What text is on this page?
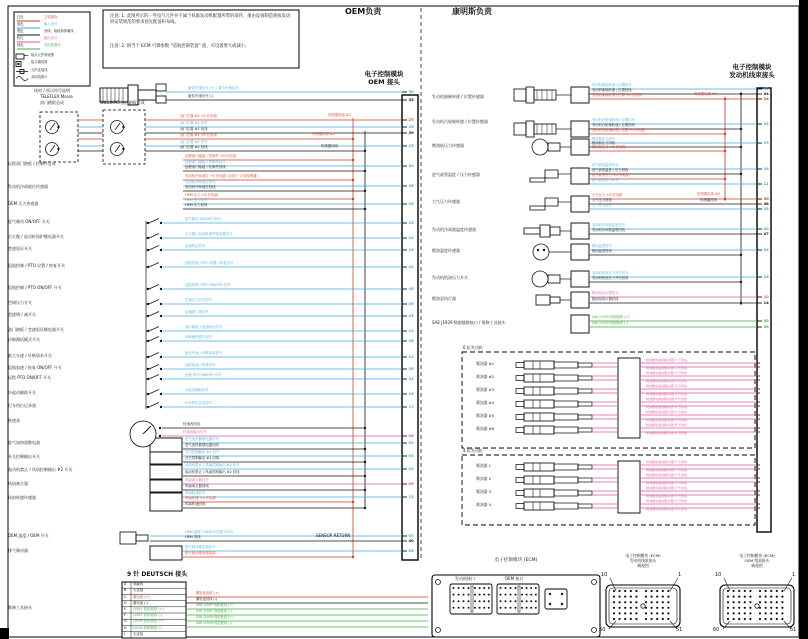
OEM负责	康明斯负责
电子控制模块
OEM 接头
电子控制模块
发动机线束接头
注意: 1. 此图所示的一些电气元件并不属于标准发动机配置所带的部件。须由设备制造商按发动机安装规范的要求预先配备和布线。
注意: 2. 相当于 ECM 可调参数 “巡航控制装置” 值，可设置增大或减小。
线材 / 图示符号说明
9 针 DEUTSCH 接头
电子控制模块 (ECM)
发动机接口	OEM 接口
电子控制模块 (ECM)
发动机线束接头
端视图
10	1
60	51
电子控制模块 (ECM)
OEM 线束接头
端视图
10	1
60	51
红色	主电源线
蓝色	输入信号
黑色	回线、接地和屏蔽线
粉红	输出信号
绿色	双绞数据线
接头元件侧视图
接头端视图
元件连接线
双绞线图示
磁性车速信号 (+) / 霍尔车速信号
50
磁性车速信号 (-)
33
油门位置 #1 +5 伏电源
27
油门位置 #1 信号
26
油门位置 #1 回线
39
油门位置 #2 +5 伏电源
油门位置 #2 信号
25
油门位置 #2 回线
远程油门踏板 / 控制件 +5 伏电源
远程油门踏板 / 控制件信号
30
远程油门踏板 / 控制件回线
发动机冷却液位 +5 伏电源 (仅用于 3 线传感器)
发动机冷却液位信号
36
发动机冷却液位回线
OEM 压力 +5 伏电源
OEM 压力信号
05
OEM 压力回线
进气制动 ON/OFF 信号
15
点火键 / 起动机保护继电器信号
24
怠速验证信号
19
巡航控制 / PTO 设置 / 恢复信号
41
巡航控制 / PTO ON/OFF 信号
45
空调压力开关信号
49
怠速增 / 减信号
43
油门踏板 / 怠速验证信号
22
诊断测试模式信号
46
最大车速 / 诊断请求信号
21
巡航加速 / 恢复信号
35
远程 PTO ON/OFF 信号
31
冷起动辅助信号
18
行车档位记录信号
17
转速表回线
转速表输出信号
08
进气加热器继电器信号
02
进气加热器继电器回线
开关控制输出 #1 信号
03
开关控制输出 #1 回线
起动机禁止 / 风扇控制输出 #2 信号
04
起动机禁止 / 风扇控制输出 #2 回线
风扇离合器信号
09
风扇离合器回线
风扇转速信号
13
风扇转速 +5 伏电源
风扇转速回线
OEM 温度 / OEM 开关输入信号
07
OEM 回线
40
排气制动继电器信号
06
排气制动继电器电源
TELEFLEX Morse
油门踏板总成	WILLIAMS 油门踏板总成
远程油门踏板 / 控制件总成
发动机冷却液位传感器
OEM 压力传感器
进气制动 ON/OFF 开关
点火键 / 起动机保护继电器开关
怠速验证开关
巡航控制 / PTO 设置 / 恢复开关
巡航控制 / PTO ON/OFF 开关
空调压力开关
怠速增 / 减开关
油门踏板 / 怠速验证继电器开关
诊断测试模式开关
最大车速 / 诊断请求开关
巡航加速 / 恢复 ON/OFF 开关
远程 PTO ON/OFF 开关
冷起动辅助开关
行车档位记录器
转速表
进气加热器继电器
开关控制输出开关
起动机禁止 / 风扇控制输出 #2 开关
风扇离合器
风扇转速传感器
OEM 温度 / OEM 开关
排气制动器
维修工具接头
传感器电源 #1
传感器电源 #2
传感器回线
SENSOR RETURN
传感器电源 #1
传感器电源 #2
传感器回线
发动机曲轴转速 / 位置传感器
发动机凸轮轴转速 / 位置传感器
燃油轨压力传感器
进气歧管温度 / 压力传感器
大气压力传感器
发动机冷却液温度传感器
燃油温度传感器
发动机机油压力开关
燃油泵执行器
SAE J1939 数据链路接口 / 维修工具接头
发动机曲轴转速 / 位置信号
42
发动机曲轴转速 / 位置回线
44
发动机曲轴转速 / 位置 +5 伏电源
24
发动机凸轮轴转速 / 位置信号
52
发动机凸轮轴转速 / 位置回线
发动机凸轮轴转速 / 位置 +5 伏电源
燃油轨压力信号
29
燃油轨压力回线
燃油轨压力 +5 伏电源
进气歧管温度信号
16
进气歧管温度 / 压力回线
进气歧管压力 +5 伏电源
进气歧管压力信号
11
大气压力 +5 伏电源
30
大气压力回线
48
大气压力信号
35
发动机冷却液温度信号
40
发动机冷却液温度回线
47
燃油温度信号
34
燃油温度回线
发动机机油压力开关信号
28
发动机机油压力开关回线
燃油泵执行器信号
10
燃油泵执行器回线
14
SAE J1939 数据链路 (+)
50
SAE J1939 数据链路 (-)
39
喷油器 #1
喷油器电磁阀驱动器 1 号供线
喷油器电磁阀驱动器 1 号回线
喷油器 #2
喷油器电磁阀驱动器 2 号供线
喷油器电磁阀驱动器 2 号回线
喷油器 #3
喷油器电磁阀驱动器 3 号供线
喷油器电磁阀驱动器 3 号回线
喷油器 #4
喷油器电磁阀驱动器 4 号供线
喷油器电磁阀驱动器 4 号回线
喷油器 #5
喷油器电磁阀驱动器 5 号供线
喷油器电磁阀驱动器 5 号回线
喷油器 #6
喷油器电磁阀驱动器 6 号供线
喷油器电磁阀驱动器 6 号回线
6 缸发动机
喷油器 1
喷油器电磁阀驱动器 1 号供线
喷油器电磁阀驱动器 1 号回线
喷油器 2
喷油器电磁阀驱动器 2 号供线
喷油器电磁阀驱动器 2 号回线
喷油器 3
喷油器电磁阀驱动器 3 号供线
喷油器电磁阀驱动器 3 号回线
喷油器 4
喷油器电磁阀驱动器 4 号供线
喷油器电磁阀驱动器 4 号回线
4 缸发动机
A 屏蔽线
B 无连接
C 蓄电池 (+)
D 蓄电池 (-)
E J1587 数据链路 (+)
F J1587 数据链路 (-)
G J1939 数据链路 (+)
H J1939 数据链路 (-)
J 无连接
蓄电池电源 (+)
蓄电池回线 (-)
SAE J1587 数据链路 (+)
SAE J1587 数据链路 (-)
SAE J1939 数据链路 (+)
SAE J1939 数据链路 (-)
